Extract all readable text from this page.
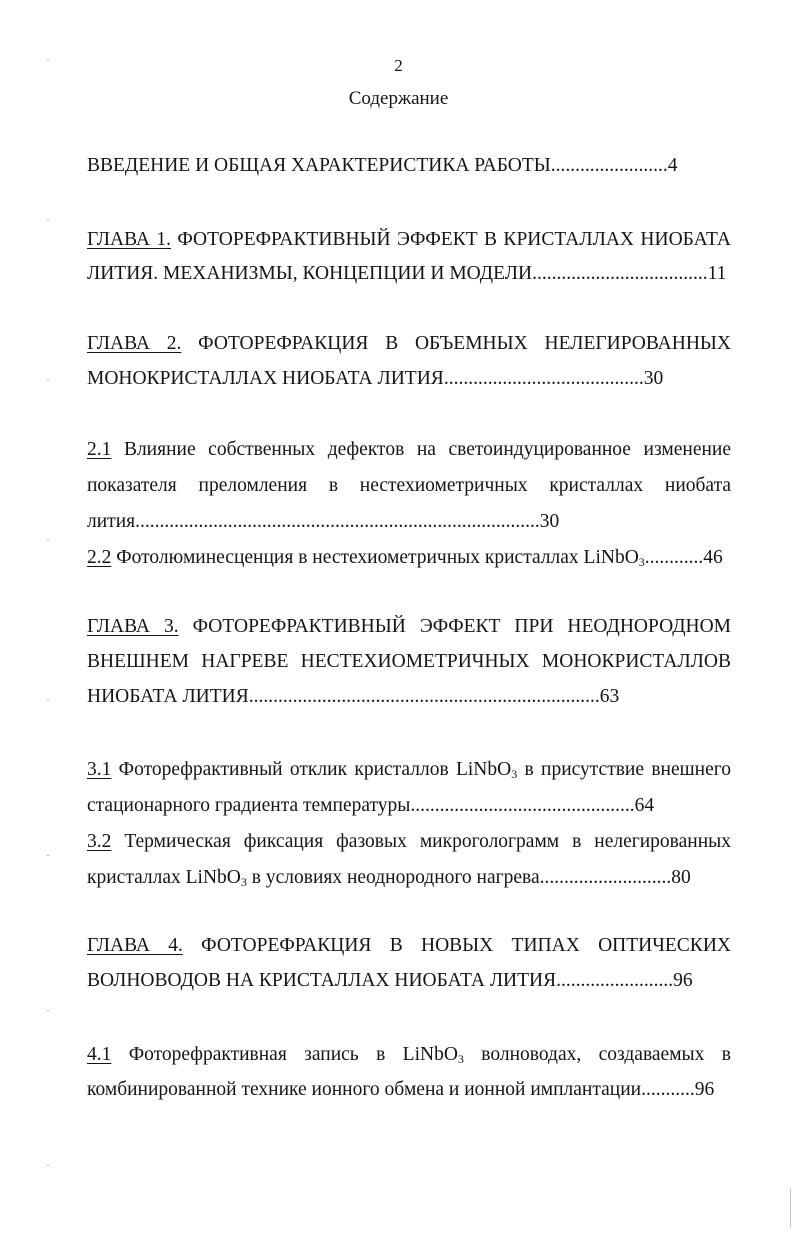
2
Содержание
ВВЕДЕНИЕ И ОБЩАЯ ХАРАКТЕРИСТИКА РАБОТЫ........................4
ГЛАВА 1. ФОТОРЕФРАКТИВНЫЙ ЭФФЕКТ В КРИСТАЛЛАХ НИОБАТА
ЛИТИЯ. МЕХАНИЗМЫ, КОНЦЕПЦИИ И МОДЕЛИ....................................11
ГЛАВА 2. ФОТОРЕФРАКЦИЯ В ОБЪЕМНЫХ НЕЛЕГИРОВАННЫХ
МОНОКРИСТАЛЛАХ НИОБАТА ЛИТИЯ.........................................30
2.1 Влияние собственных дефектов на светоиндуцированное изменение
показателя преломления в нестехиометричных кристаллах ниобата
лития...................................................................................30
2.2 Фотолюминесценция в нестехиометричных кристаллах LiNbO$_3$............46
ГЛАВА 3. ФОТОРЕФРАКТИВНЫЙ ЭФФЕКТ ПРИ НЕОДНОРОДНОМ
ВНЕШНЕМ НАГРЕВЕ НЕСТЕХИОМЕТРИЧНЫХ МОНОКРИСТАЛЛОВ
НИОБАТА ЛИТИЯ........................................................................63
3.1 Фоторефрактивный отклик кристаллов LiNbO$_3$ в присутствие внешнего
стационарного градиента температуры..............................................64
3.2 Термическая фиксация фазовых микроголограмм в нелегированных
кристаллах LiNbO$_3$ в условиях неоднородного нагрева...........................80
ГЛАВА 4. ФОТОРЕФРАКЦИЯ В НОВЫХ ТИПАХ ОПТИЧЕСКИХ
ВОЛНОВОДОВ НА КРИСТАЛЛАХ НИОБАТА ЛИТИЯ........................96
4.1 Фоторефрактивная запись в LiNbO$_3$ волноводах, создаваемых в
комбинированной технике ионного обмена и ионной имплантации...........96
